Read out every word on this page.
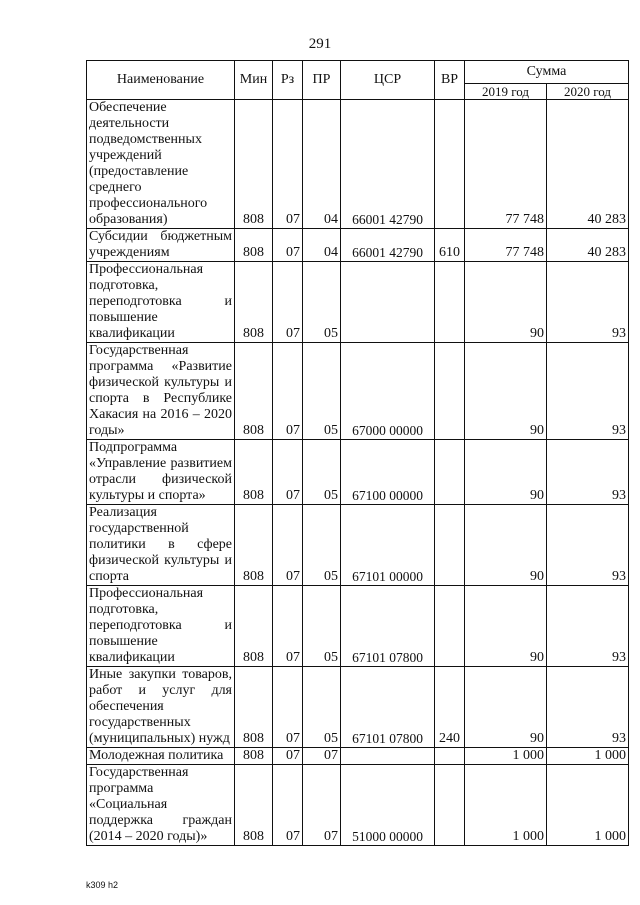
291
Наименование	Мин	Рз	ПР	ЦСР	ВР	Сумма	
						2019 год	2020 год
Обеспечение деятельности подведомственных учреждений (предоставление среднего профессионального образования)	808	07	04	66001 42790		77 748	40 283
Субсидии бюджетным учреждениям	808	07	04	66001 42790	610	77 748	40 283
Профессиональная подготовка, переподготовка и повышение квалификации	808	07	05			90	93
Государственная программа «Развитие физической культуры и спорта в Республике Хакасия на 2016 – 2020 годы»	808	07	05	67000 00000		90	93
Подпрограмма «Управление развитием отрасли физической культуры и спорта»	808	07	05	67100 00000		90	93
Реализация государственной политики в сфере физической культуры и спорта	808	07	05	67101 00000		90	93
Профессиональная подготовка, переподготовка и повышение квалификации	808	07	05	67101 07800		90	93
Иные закупки товаров, работ и услуг для обеспечения государственных (муниципальных) нужд	808	07	05	67101 07800	240	90	93
Молодежная политика	808	07	07			1 000	1 000
Государственная программа «Социальная поддержка граждан (2014 – 2020 годы)»	808	07	07	51000 00000		1 000	1 000
k309 h2
